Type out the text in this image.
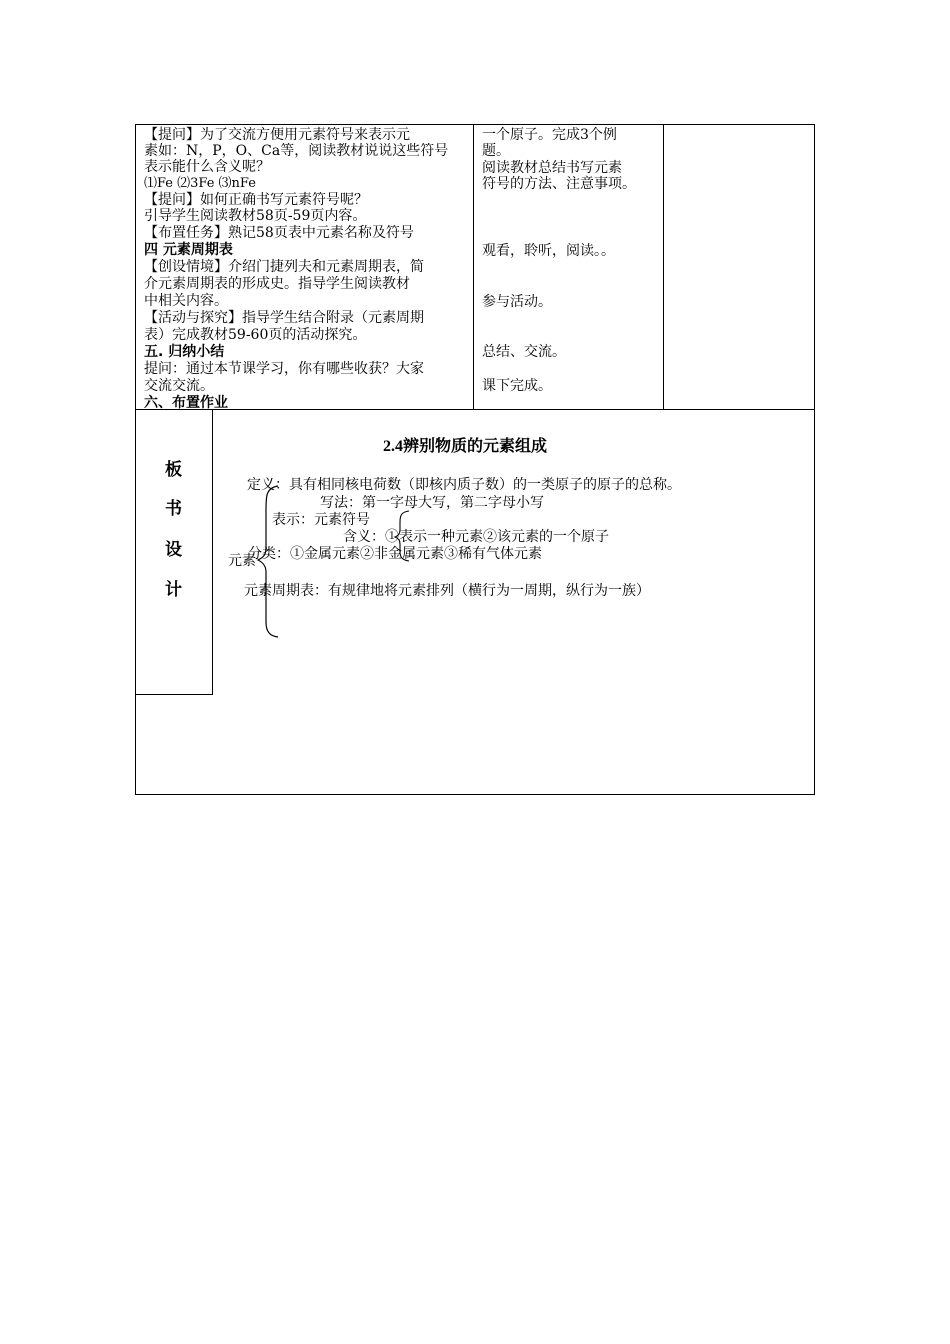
【提问】为了交流方便用元素符号来表示元
素如：N，P，O、Ca等，阅读教材说说这些符号
表示能什么含义呢？
⑴Fe ⑵3Fe ⑶nFe
【提问】如何正确书写元素符号呢？
引导学生阅读教材58页-59页内容。
【布置任务】熟记58页表中元素名称及符号
四 元素周期表
【创设情境】介绍门捷列夫和元素周期表，简
介元素周期表的形成史。指导学生阅读教材
中相关内容。
【活动与探究】指导学生结合附录（元素周期
表）完成教材59-60页的活动探究。
五. 归纳小结
提问：通过本节课学习，你有哪些收获？大家
交流交流。
六、布置作业
一个原子。完成3个例
题。
阅读教材总结书写元素
符号的方法、注意事项。
观看，聆听，阅读。。
参与活动。
总结、交流。
课下完成。
板
书
设
计
2.4辨别物质的元素组成
定义：具有相同核电荷数（即核内质子数）的一类原子的原子的总称。
写法：第一字母大写，第二字母小写
表示：元素符号
含义：①表示一种元素②该元素的一个原子
分类：①金属元素②非金属元素③稀有气体元素
元素
元素周期表：有规律地将元素排列（横行为一周期，纵行为一族）
